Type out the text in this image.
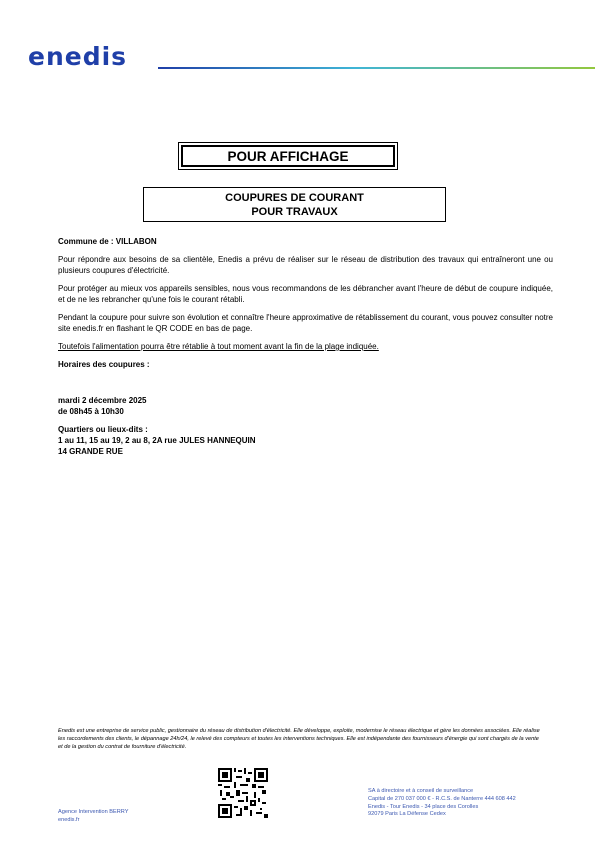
enedis
POUR AFFICHAGE
COUPURES DE COURANT
POUR TRAVAUX

Commune de : VILLABON

Pour répondre aux besoins de sa clientèle, Enedis a prévu de réaliser sur le réseau de distribution des travaux qui entraîneront une ou plusieurs coupures d'électricité.

Pour protéger au mieux vos appareils sensibles, nous vous recommandons de les débrancher avant l'heure de début de coupure indiquée, et de ne les rebrancher qu'une fois le courant rétabli.

Pendant la coupure pour suivre son évolution et connaître l'heure approximative de rétablissement du courant, vous pouvez consulter notre site enedis.fr en flashant le QR CODE en bas de page.

Toutefois l'alimentation pourra être rétablie à tout moment avant la fin de la plage indiquée.

Horaires des coupures :

mardi 2 décembre 2025
de 08h45 à 10h30
Quartiers ou lieux-dits :
1 au 11, 15 au 19, 2 au 8, 2A rue JULES HANNEQUIN
14 GRANDE RUE
Enedis est une entreprise de service public, gestionnaire du réseau de distribution d'électricité. Elle développe, exploite, modernise le réseau électrique et gère les données associées. Elle réalise les raccordements des clients, le dépannage 24h/24, le relevé des compteurs et toutes les interventions techniques. Elle est indépendante des fournisseurs d'énergie qui sont chargés de la vente et de la gestion du contrat de fourniture d'électricité.
SA à directoire et à conseil de surveillance
Capital de 270 037 000 € - R.C.S. de Nanterre 444 608 442
Enedis - Tour Enedis - 34 place des Corolles
92079 Paris La Défense Cedex
Agence Intervention BERRY
enedis.fr
